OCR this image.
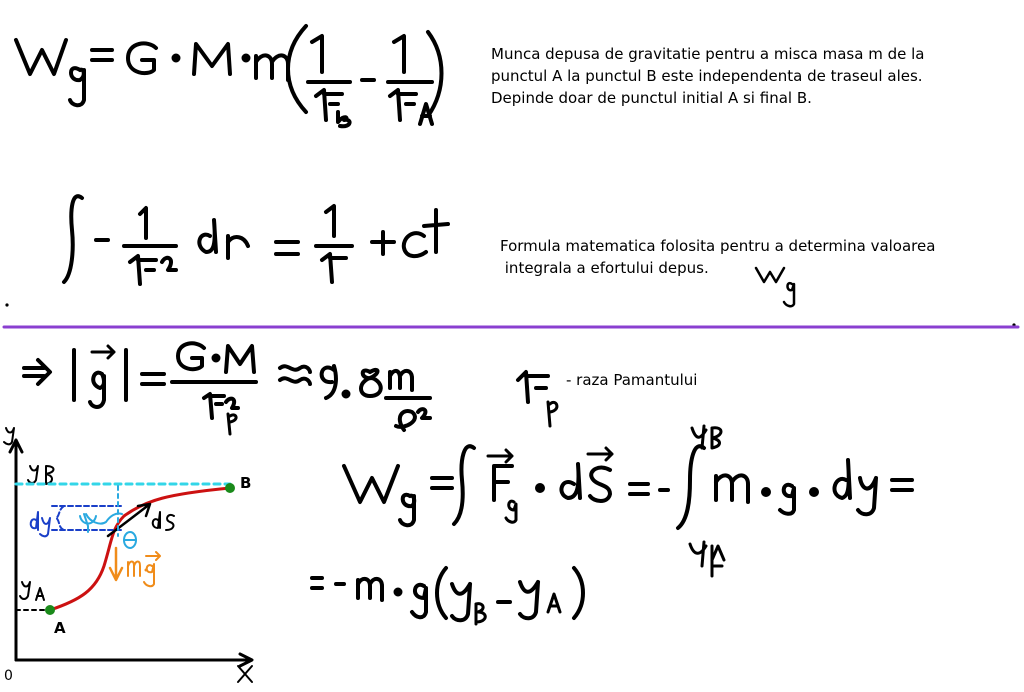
A
B
0
Munca depusa de gravitatie pentru a misca masa m de la
punctul A la punctul B este independenta de traseul ales.
Depinde doar de punctul initial A si final B.
Formula matematica folosita pentru a determina valoarea
integrala a efortului depus.
- raza Pamantului
